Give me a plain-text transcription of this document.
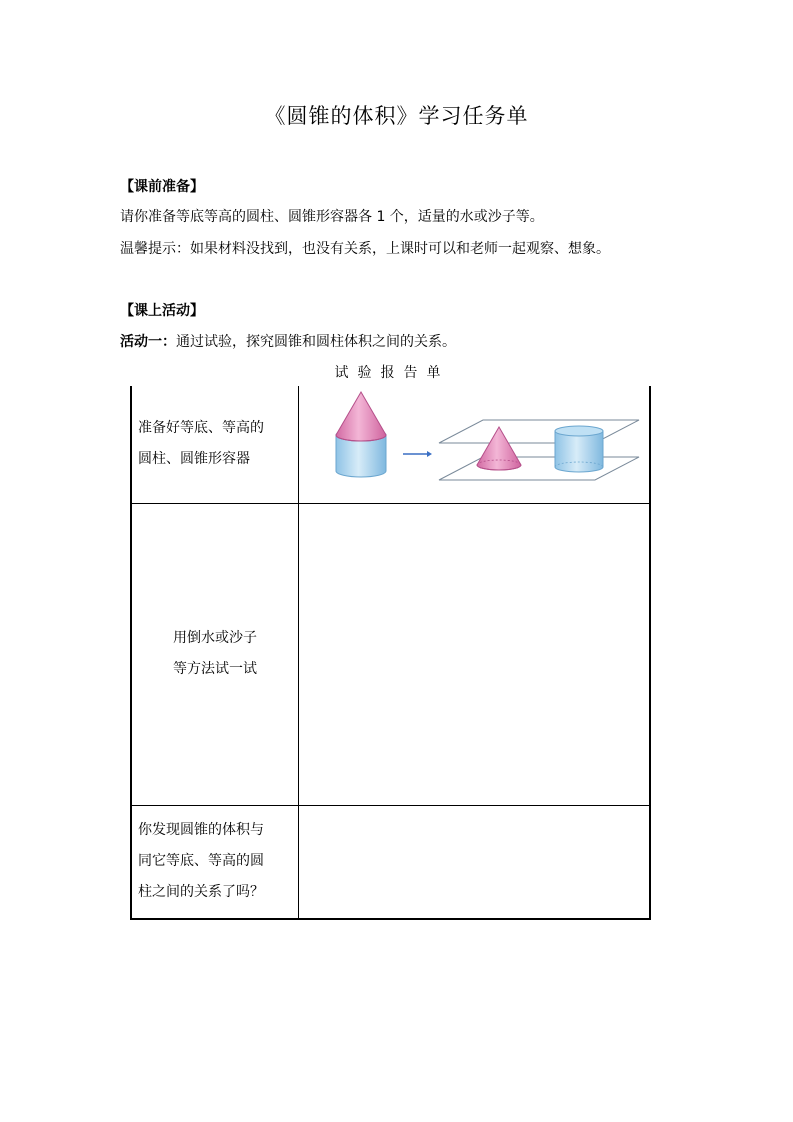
《圆锥的体积》学习任务单
【课前准备】
请你准备等底等高的圆柱、圆锥形容器各 1 个，适量的水或沙子等。
温馨提示：如果材料没找到，也没有关系，上课时可以和老师一起观察、想象。
【课上活动】
活动一：通过试验，探究圆锥和圆柱体积之间的关系。
试验报告单
准备好等底、等高的
圆柱、圆锥形容器

用倒水或沙子
等方法试一试	

你发现圆锥的体积与
同它等底、等高的圆
柱之间的关系了吗？	
